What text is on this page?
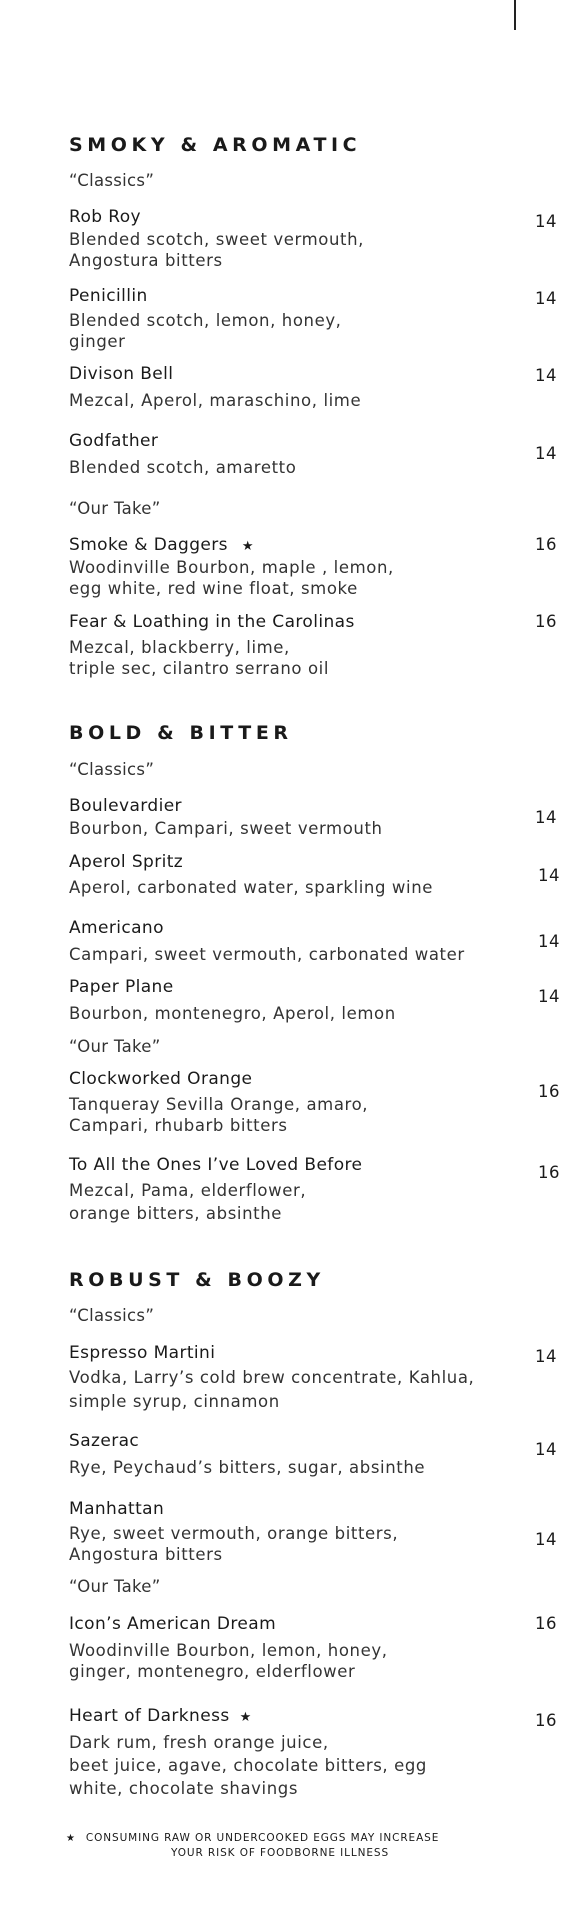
SMOKY & AROMATIC
“Classics”
Rob Roy
Blended scotch, sweet vermouth,
Angostura bitters
14
Penicillin
Blended scotch, lemon, honey,
ginger
14
Divison Bell
Mezcal, Aperol, maraschino, lime
14
Godfather
Blended scotch, amaretto
14
“Our Take”
Smoke & Daggers ★
Woodinville Bourbon, maple , lemon,
egg white, red wine float, smoke
16
Fear & Loathing in the Carolinas
Mezcal, blackberry, lime,
triple sec, cilantro serrano oil
16
BOLD & BITTER
“Classics”
Boulevardier
Bourbon, Campari, sweet vermouth
14
Aperol Spritz
Aperol, carbonated water, sparkling wine
14
Americano
Campari, sweet vermouth, carbonated water
14
Paper Plane
Bourbon, montenegro, Aperol, lemon
14
“Our Take”
Clockworked Orange
Tanqueray Sevilla Orange, amaro,
Campari, rhubarb bitters
16
To All the Ones I’ve Loved Before
Mezcal, Pama, elderflower,
orange bitters, absinthe
16
ROBUST & BOOZY
“Classics”
Espresso Martini
Vodka, Larry’s cold brew concentrate, Kahlua,
simple syrup, cinnamon
14
Sazerac
Rye, Peychaud’s bitters, sugar, absinthe
14
Manhattan
Rye, sweet vermouth, orange bitters,
Angostura bitters
14
“Our Take”
Icon’s American Dream
Woodinville Bourbon, lemon, honey,
ginger, montenegro, elderflower
16
Heart of Darkness ★
Dark rum, fresh orange juice,
beet juice, agave, chocolate bitters, egg
white, chocolate shavings
16
★ CONSUMING RAW OR UNDERCOOKED EGGS MAY INCREASE
YOUR RISK OF FOODBORNE ILLNESS
